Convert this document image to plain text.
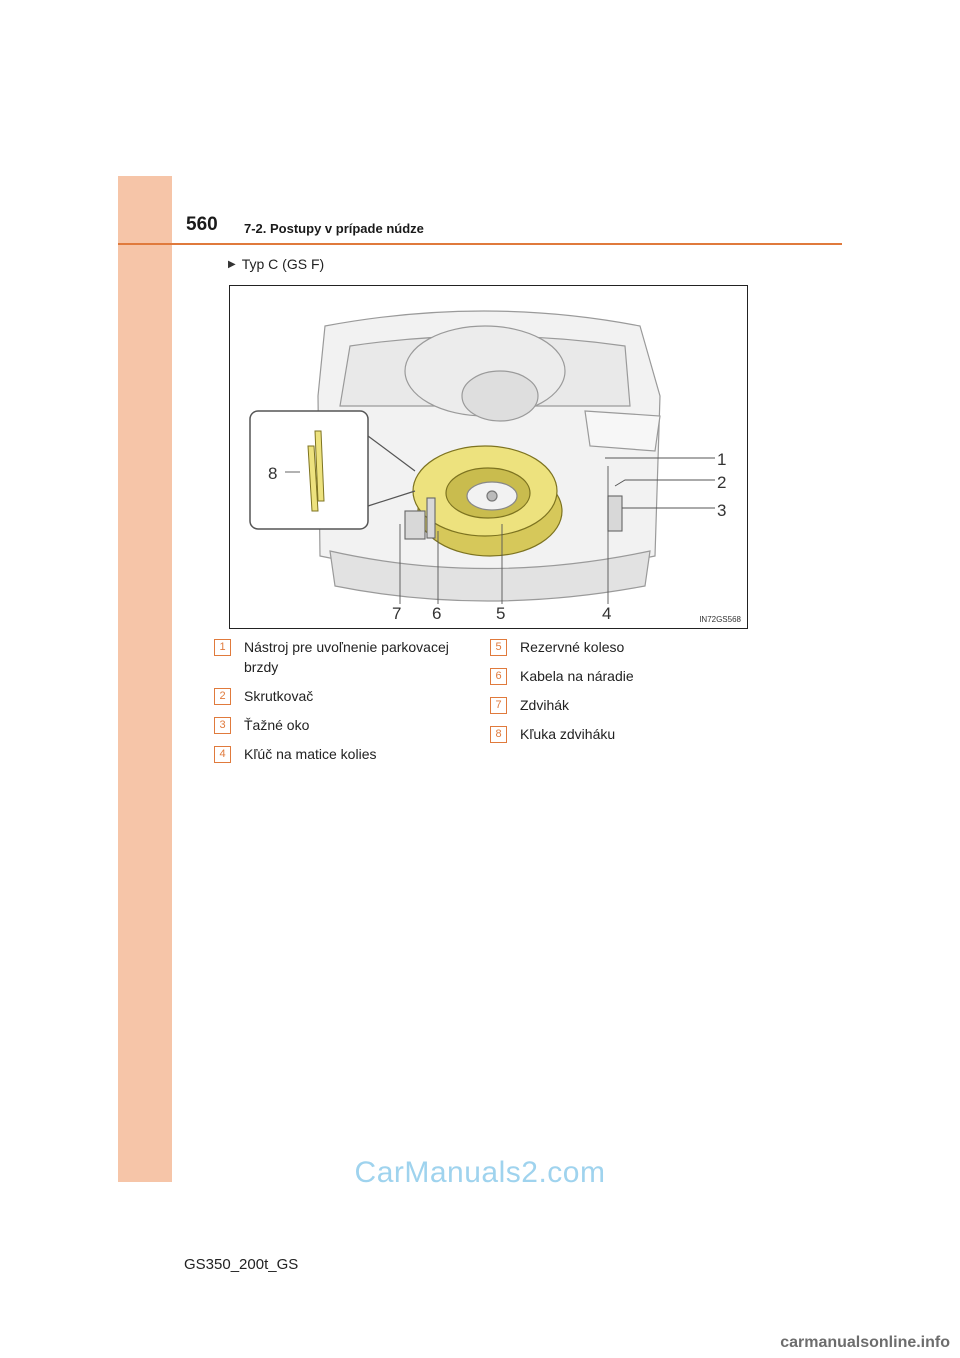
560 7-2. Postupy v prípade núdze
▶ Typ C (GS F)
1
2
3
4
5
6
7
8
IN72GS568
1	Nástroj pre uvoľnenie parkovacej brzdy
2	Skrutkovač
3	Ťažné oko
4	Kľúč na matice kolies
5	Rezervné koleso
6	Kabela na náradie
7	Zdvihák
8	Kľuka zdviháku
CarManuals2.com
GS350_200t_GS
carmanualsonline.info
